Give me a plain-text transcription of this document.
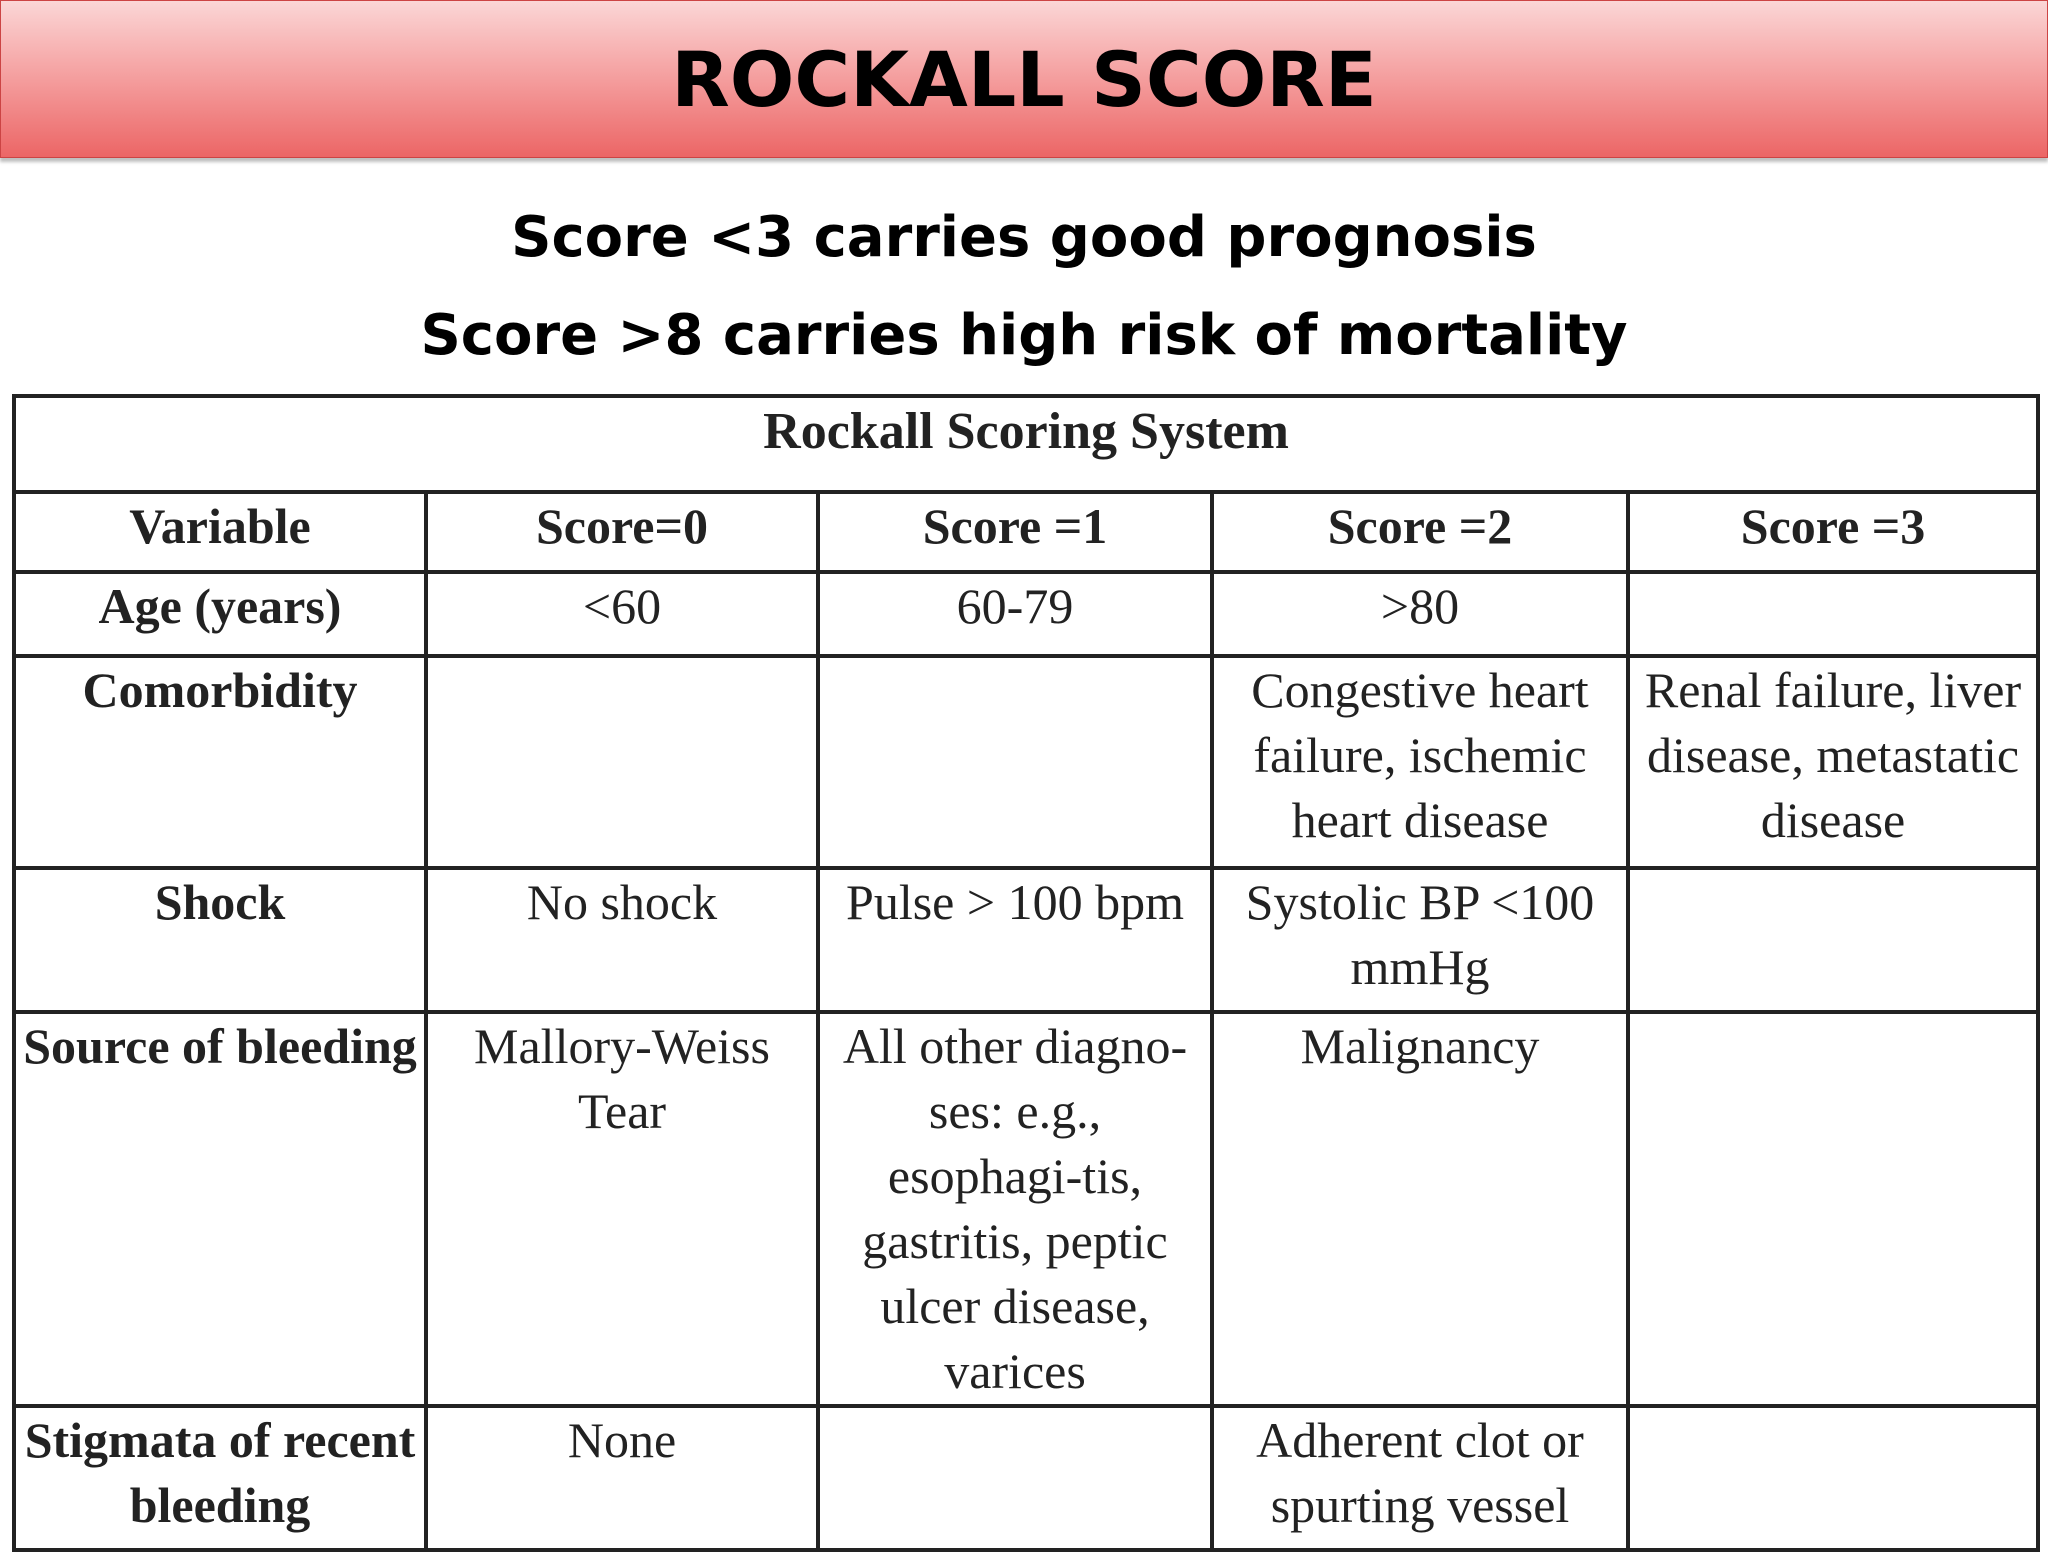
ROCKALL SCORE
Score <3 carries good prognosis
Score >8 carries high risk of mortality
Rockall Scoring System				
Variable	Score=0	Score =1	Score =2	Score =3
Age (years)	<60	60-79	>80	
Comorbidity			Congestive heart failure, ischemic heart disease	Renal failure, liver disease, metastatic disease
Shock	No shock	Pulse > 100 bpm	Systolic BP <100 mmHg	
Source of bleeding	Mallory-Weiss Tear	All other diagno-ses: e.g., esophagi-tis, gastritis, peptic ulcer disease, varices	Malignancy	
Stigmata of recent bleeding	None		Adherent clot or spurting vessel	
